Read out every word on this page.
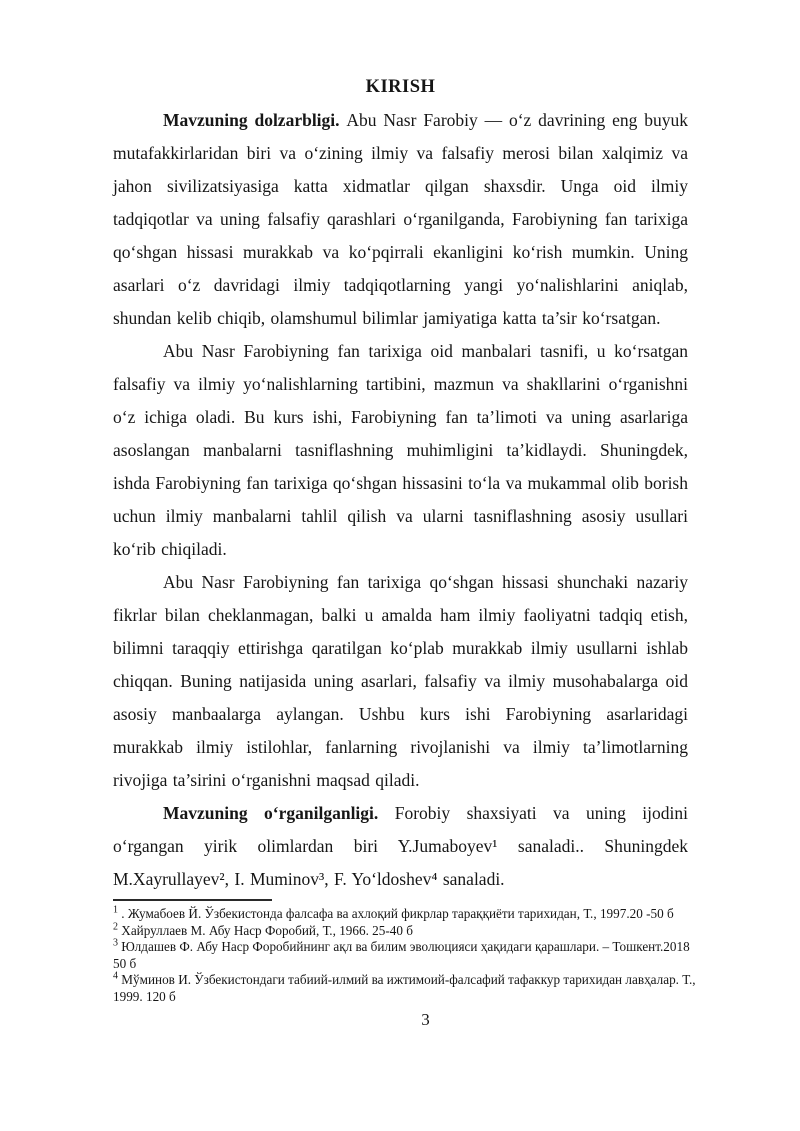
KIRISH

Mavzuning dolzarbligi. Abu Nasr Farobiy — o‘z davrining eng buyuk mutafakkirlaridan biri va o‘zining ilmiy va falsafiy merosi bilan xalqimiz va jahon sivilizatsiyasiga katta xidmatlar qilgan shaxsdir. Unga oid ilmiy tadqiqotlar va uning falsafiy qarashlari o‘rganilganda, Farobiyning fan tarixiga qo‘shgan hissasi murakkab va ko‘pqirrali ekanligini ko‘rish mumkin. Uning asarlari o‘z davridagi ilmiy tadqiqotlarning yangi yo‘nalishlarini aniqlab, shundan kelib chiqib, olamshumul bilimlar jamiyatiga katta ta’sir ko‘rsatgan.

Abu Nasr Farobiyning fan tarixiga oid manbalari tasnifi, u ko‘rsatgan falsafiy va ilmiy yo‘nalishlarning tartibini, mazmun va shakllarini o‘rganishni o‘z ichiga oladi. Bu kurs ishi, Farobiyning fan ta’limoti va uning asarlariga asoslangan manbalarni tasniflashning muhimligini ta’kidlaydi. Shuningdek, ishda Farobiyning fan tarixiga qo‘shgan hissasini to‘la va mukammal olib borish uchun ilmiy manbalarni tahlil qilish va ularni tasniflashning asosiy usullari ko‘rib chiqiladi.

Abu Nasr Farobiyning fan tarixiga qo‘shgan hissasi shunchaki nazariy fikrlar bilan cheklanmagan, balki u amalda ham ilmiy faoliyatni tadqiq etish, bilimni taraqqiy ettirishga qaratilgan ko‘plab murakkab ilmiy usullarni ishlab chiqqan. Buning natijasida uning asarlari, falsafiy va ilmiy musohabalarga oid asosiy manbaalarga aylangan. Ushbu kurs ishi Farobiyning asarlaridagi murakkab ilmiy istilohlar, fanlarning rivojlanishi va ilmiy ta’limotlarning rivojiga ta’sirini o‘rganishni maqsad qiladi.

Mavzuning o‘rganilganligi. Forobiy shaxsiyati va uning ijodini o‘rgangan yirik olimlardan biri Y.Jumaboyev¹ sanaladi.. Shuningdek M.Xayrullayev², I. Muminov³, F. Yo‘ldoshev⁴ sanaladi.

$^1$ . Жумабоев Й. Ўзбекистонда фалсафа ва ахлоқий фикрлар тараққиёти тарихидан, Т., 1997.20 -50 б

$^2$ Хайруллаев М. Абу Наср Форобий, Т., 1966. 25-40 б

$^3$ Юлдашев Ф. Абу Наср Форобийнинг ақл ва билим эволюцияси ҳақидаги қарашлари. – Тошкент.2018 50 б

$^4$ Мўминов И. Ўзбекистондаги табиий-илмий ва ижтимоий-фалсафий тафаккур тарихидан лавҳалар. Т., 1999. 120 б

3
